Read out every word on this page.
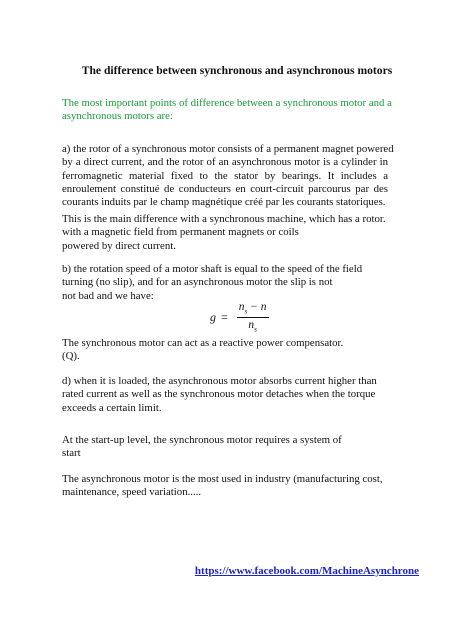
The difference between synchronous and asynchronous motors
The most important points of difference between a synchronous motor and a
asynchronous motors are:
a) the rotor of a synchronous motor consists of a permanent magnet powered
by a direct current, and the rotor of an asynchronous motor is a cylinder in
ferromagnetic material fixed to the stator by bearings. It includes a
enroulement constitué de conducteurs en court-circuit parcourus par des
courants induits par le champ magnétique créé par les courants statoriques.
This is the main difference with a synchronous machine, which has a rotor.
with a magnetic field from permanent magnets or coils
powered by direct current.
b) the rotation speed of a motor shaft is equal to the speed of the field
turning (no slip), and for an asynchronous motor the slip is not
not bad and we have:
$g = \frac{n_s - n}{n_s}$
The synchronous motor can act as a reactive power compensator.
(Q).
d) when it is loaded, the asynchronous motor absorbs current higher than
rated current as well as the synchronous motor detaches when the torque
exceeds a certain limit.
At the start-up level, the synchronous motor requires a system of
start
The asynchronous motor is the most used in industry (manufacturing cost,
maintenance, speed variation.....
https://www.facebook.com/MachineAsynchrone
